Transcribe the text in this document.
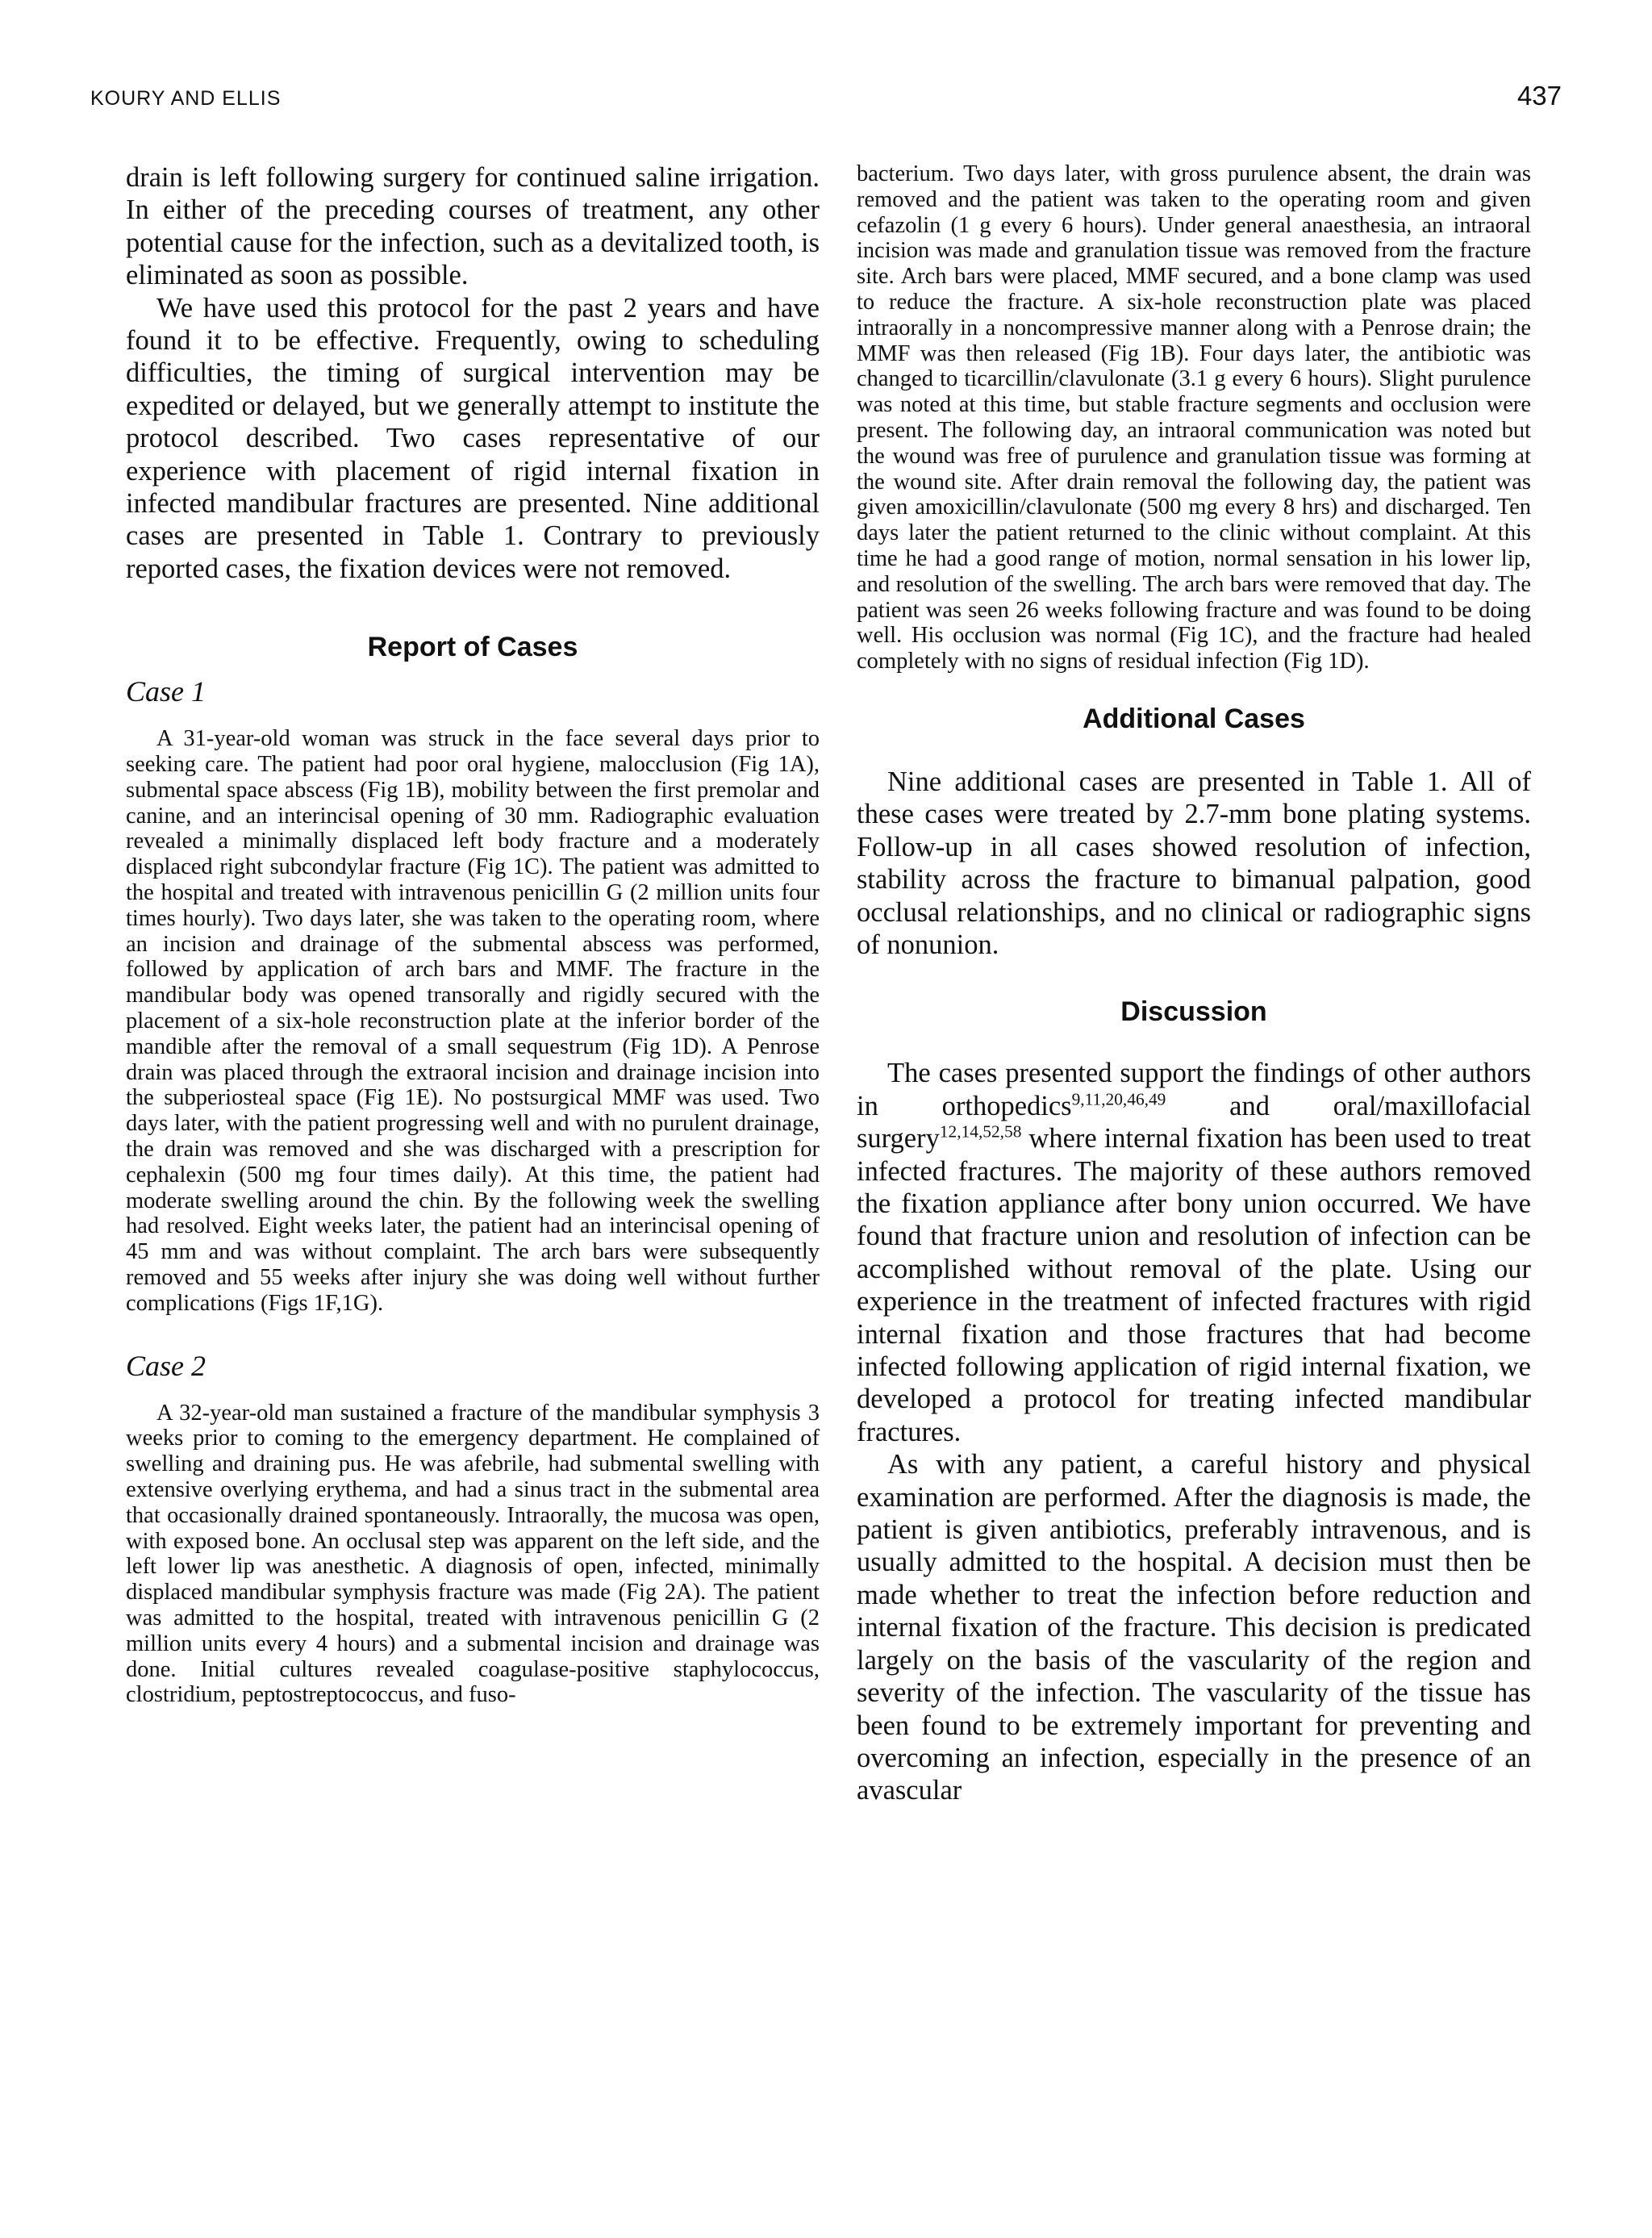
KOURY AND ELLIS	437

drain is left following surgery for continued saline irrigation. In either of the preceding courses of treatment, any other potential cause for the infection, such as a devitalized tooth, is eliminated as soon as possible.

We have used this protocol for the past 2 years and have found it to be effective. Frequently, owing to scheduling difficulties, the timing of surgical intervention may be expedited or delayed, but we generally attempt to institute the protocol described. Two cases representative of our experience with placement of rigid internal fixation in infected mandibular fractures are presented. Nine additional cases are presented in Table 1. Contrary to previously reported cases, the fixation devices were not removed.

Report of Cases
Case 1

A 31-year-old woman was struck in the face several days prior to seeking care. The patient had poor oral hygiene, malocclusion (Fig 1A), submental space abscess (Fig 1B), mobility between the first premolar and canine, and an interincisal opening of 30 mm. Radiographic evaluation revealed a minimally displaced left body fracture and a moderately displaced right subcondylar fracture (Fig 1C). The patient was admitted to the hospital and treated with intravenous penicillin G (2 million units four times hourly). Two days later, she was taken to the operating room, where an incision and drainage of the submental abscess was performed, followed by application of arch bars and MMF. The fracture in the mandibular body was opened transorally and rigidly secured with the placement of a six-hole reconstruction plate at the inferior border of the mandible after the removal of a small sequestrum (Fig 1D). A Penrose drain was placed through the extraoral incision and drainage incision into the subperiosteal space (Fig 1E). No postsurgical MMF was used. Two days later, with the patient progressing well and with no purulent drainage, the drain was removed and she was discharged with a prescription for cephalexin (500 mg four times daily). At this time, the patient had moderate swelling around the chin. By the following week the swelling had resolved. Eight weeks later, the patient had an interincisal opening of 45 mm and was without complaint. The arch bars were subsequently removed and 55 weeks after injury she was doing well without further complications (Figs 1F,1G).

Case 2

A 32-year-old man sustained a fracture of the mandibular symphysis 3 weeks prior to coming to the emergency department. He complained of swelling and draining pus. He was afebrile, had submental swelling with extensive overlying erythema, and had a sinus tract in the submental area that occasionally drained spontaneously. Intraorally, the mucosa was open, with exposed bone. An occlusal step was apparent on the left side, and the left lower lip was anesthetic. A diagnosis of open, infected, minimally displaced mandibular symphysis fracture was made (Fig 2A). The patient was admitted to the hospital, treated with intravenous penicillin G (2 million units every 4 hours) and a submental incision and drainage was done. Initial cultures revealed coagulase-positive staphylococcus, clostridium, peptostreptococcus, and fuso-

bacterium. Two days later, with gross purulence absent, the drain was removed and the patient was taken to the operating room and given cefazolin (1 g every 6 hours). Under general anaesthesia, an intraoral incision was made and granulation tissue was removed from the fracture site. Arch bars were placed, MMF secured, and a bone clamp was used to reduce the fracture. A six-hole reconstruction plate was placed intraorally in a noncompressive manner along with a Penrose drain; the MMF was then released (Fig 1B). Four days later, the antibiotic was changed to ticarcillin/clavulonate (3.1 g every 6 hours). Slight purulence was noted at this time, but stable fracture segments and occlusion were present. The following day, an intraoral communication was noted but the wound was free of purulence and granulation tissue was forming at the wound site. After drain removal the following day, the patient was given amoxicillin/clavulonate (500 mg every 8 hrs) and discharged. Ten days later the patient returned to the clinic without complaint. At this time he had a good range of motion, normal sensation in his lower lip, and resolution of the swelling. The arch bars were removed that day. The patient was seen 26 weeks following fracture and was found to be doing well. His occlusion was normal (Fig 1C), and the fracture had healed completely with no signs of residual infection (Fig 1D).

Additional Cases

Nine additional cases are presented in Table 1. All of these cases were treated by 2.7-mm bone plating systems. Follow-up in all cases showed resolution of infection, stability across the fracture to bimanual palpation, good occlusal relationships, and no clinical or radiographic signs of nonunion.

Discussion

The cases presented support the findings of other authors in orthopedics$^{9,11,20,46,49}$ and oral/maxillofacial surgery$^{12,14,52,58}$ where internal fixation has been used to treat infected fractures. The majority of these authors removed the fixation appliance after bony union occurred. We have found that fracture union and resolution of infection can be accomplished without removal of the plate. Using our experience in the treatment of infected fractures with rigid internal fixation and those fractures that had become infected following application of rigid internal fixation, we developed a protocol for treating infected mandibular fractures.

As with any patient, a careful history and physical examination are performed. After the diagnosis is made, the patient is given antibiotics, preferably intravenous, and is usually admitted to the hospital. A decision must then be made whether to treat the infection before reduction and internal fixation of the fracture. This decision is predicated largely on the basis of the vascularity of the region and severity of the infection. The vascularity of the tissue has been found to be extremely important for preventing and overcoming an infection, especially in the presence of an avascular
